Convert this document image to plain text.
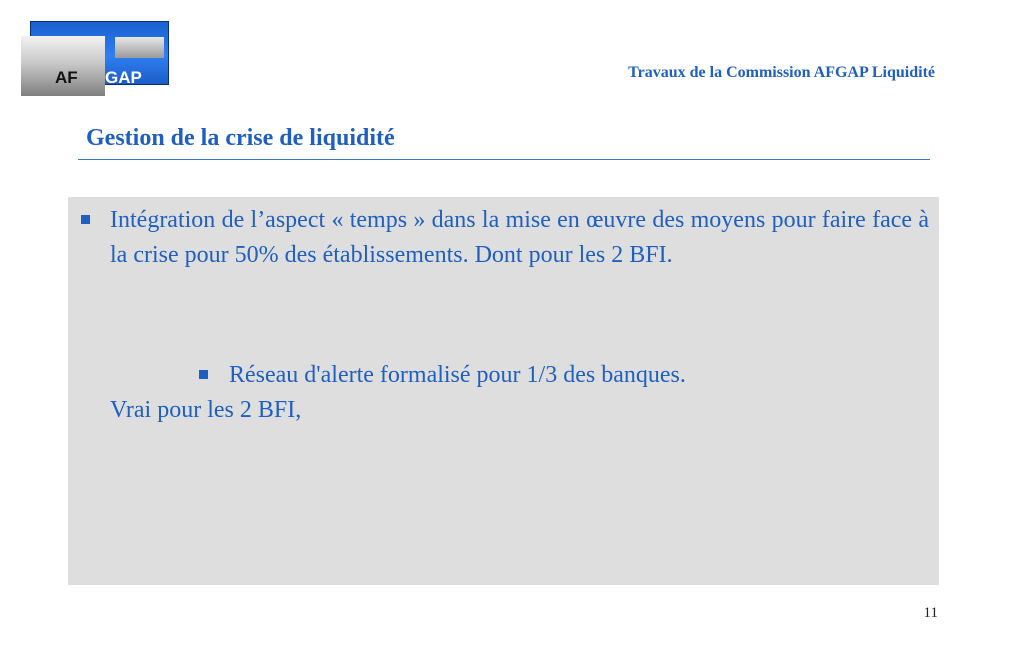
AF GAP	Travaux de la Commission AFGAP Liquidité
Gestion de la crise de liquidité
Intégration de l’aspect « temps » dans la mise en œuvre des moyens pour faire face à la crise pour 50% des établissements. Dont pour les 2 BFI.
Réseau d'alerte formalisé pour 1/3 des banques.
Vrai pour les 2 BFI,
11
